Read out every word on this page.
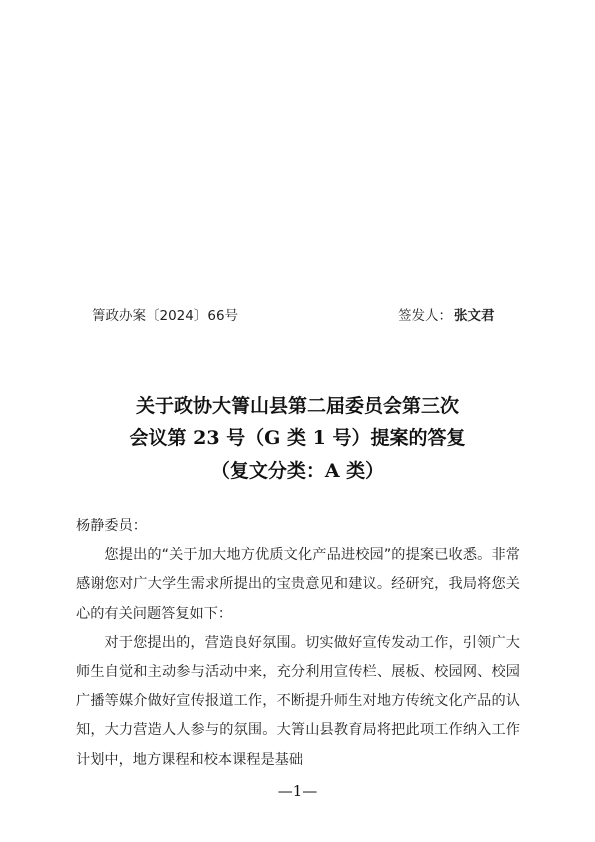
箐政办案〔2024〕66号	签发人： 张文君
关于政协大箐山县第二届委员会第三次
会议第 23 号（G 类 1 号）提案的答复
（复文分类：A 类）

杨静委员：

您提出的“关于加大地方优质文化产品进校园”的提案已收悉。非常感谢您对广大学生需求所提出的宝贵意见和建议。经研究，我局将您关心的有关问题答复如下：

对于您提出的，营造良好氛围。切实做好宣传发动工作，引领广大师生自觉和主动参与活动中来，充分利用宣传栏、展板、校园网、校园广播等媒介做好宣传报道工作，不断提升师生对地方传统文化产品的认知，大力营造人人参与的氛围。大箐山县教育局将把此项工作纳入工作计划中，地方课程和校本课程是基础

—1—
